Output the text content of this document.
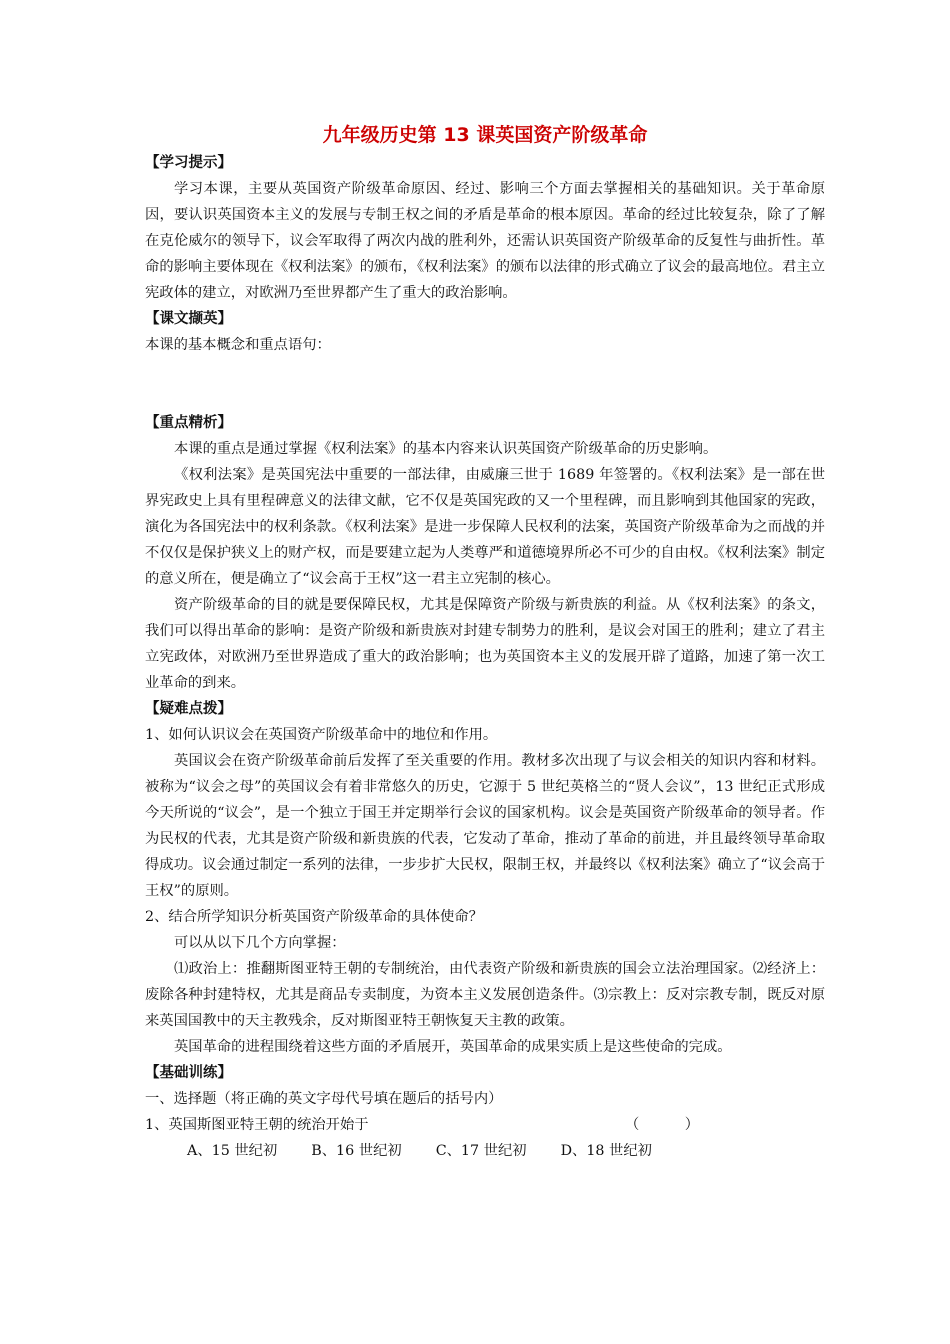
九年级历史第 13 课英国资产阶级革命
【学习提示】

学习本课，主要从英国资产阶级革命原因、经过、影响三个方面去掌握相关的基础知识。关于革命原因，要认识英国资本主义的发展与专制王权之间的矛盾是革命的根本原因。革命的经过比较复杂，除了了解在克伦威尔的领导下，议会军取得了两次内战的胜利外，还需认识英国资产阶级革命的反复性与曲折性。革命的影响主要体现在《权利法案》的颁布，《权利法案》的颁布以法律的形式确立了议会的最高地位。君主立宪政体的建立，对欧洲乃至世界都产生了重大的政治影响。

【课文撷英】

本课的基本概念和重点语句：

【重点精析】

本课的重点是通过掌握《权利法案》的基本内容来认识英国资产阶级革命的历史影响。

《权利法案》是英国宪法中重要的一部法律，由威廉三世于 1689 年签署的。《权利法案》是一部在世界宪政史上具有里程碑意义的法律文献，它不仅是英国宪政的又一个里程碑，而且影响到其他国家的宪政，演化为各国宪法中的权利条款。《权利法案》是进一步保障人民权利的法案，英国资产阶级革命为之而战的并不仅仅是保护狭义上的财产权，而是要建立起为人类尊严和道德境界所必不可少的自由权。《权利法案》制定的意义所在，便是确立了“议会高于王权”这一君主立宪制的核心。

资产阶级革命的目的就是要保障民权，尤其是保障资产阶级与新贵族的利益。从《权利法案》的条文，我们可以得出革命的影响：是资产阶级和新贵族对封建专制势力的胜利，是议会对国王的胜利；建立了君主立宪政体，对欧洲乃至世界造成了重大的政治影响；也为英国资本主义的发展开辟了道路，加速了第一次工业革命的到来。

【疑难点拨】

1、如何认识议会在英国资产阶级革命中的地位和作用。

英国议会在资产阶级革命前后发挥了至关重要的作用。教材多次出现了与议会相关的知识内容和材料。被称为“议会之母”的英国议会有着非常悠久的历史，它源于 5 世纪英格兰的“贤人会议”，13 世纪正式形成今天所说的“议会”，是一个独立于国王并定期举行会议的国家机构。议会是英国资产阶级革命的领导者。作为民权的代表，尤其是资产阶级和新贵族的代表，它发动了革命，推动了革命的前进，并且最终领导革命取得成功。议会通过制定一系列的法律，一步步扩大民权，限制王权，并最终以《权利法案》确立了“议会高于王权”的原则。

2、结合所学知识分析英国资产阶级革命的具体使命？

可以从以下几个方向掌握：

⑴政治上：推翻斯图亚特王朝的专制统治，由代表资产阶级和新贵族的国会立法治理国家。⑵经济上：废除各种封建特权，尤其是商品专卖制度，为资本主义发展创造条件。⑶宗教上：反对宗教专制，既反对原来英国国教中的天主教残余，反对斯图亚特王朝恢复天主教的政策。

英国革命的进程围绕着这些方面的矛盾展开，英国革命的成果实质上是这些使命的完成。

【基础训练】

一、选择题（将正确的英文字母代号填在题后的括号内）

1、英国斯图亚特王朝的统治开始于	（          ）
A、15 世纪初 B、16 世纪初 C、17 世纪初 D、18 世纪初
